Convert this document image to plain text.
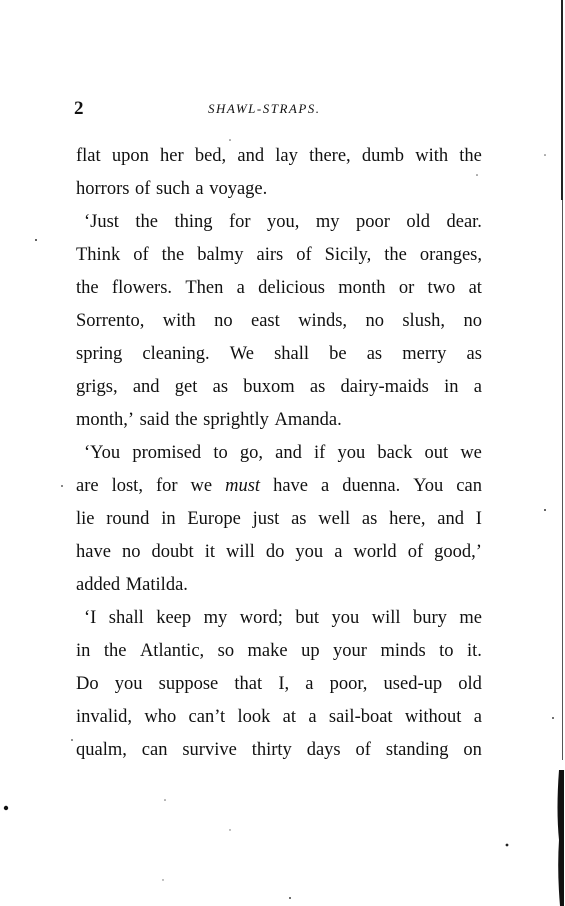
2	SHAWL-STRAPS.
flat upon her bed, and lay there, dumb with the
horrors of such a voyage.
‘Just the thing for you, my poor old dear.
Think of the balmy airs of Sicily, the oranges,
the flowers. Then a delicious month or two at
Sorrento, with no east winds, no slush, no
spring cleaning. We shall be as merry as
grigs, and get as buxom as dairy-maids in a
month,’ said the sprightly Amanda.
‘You promised to go, and if you back out we
are lost, for we must have a duenna. You can
lie round in Europe just as well as here, and I
have no doubt it will do you a world of good,’
added Matilda.
‘I shall keep my word; but you will bury me
in the Atlantic, so make up your minds to it.
Do you suppose that I, a poor, used-up old
invalid, who can’t look at a sail-boat without a
qualm, can survive thirty days of standing on
